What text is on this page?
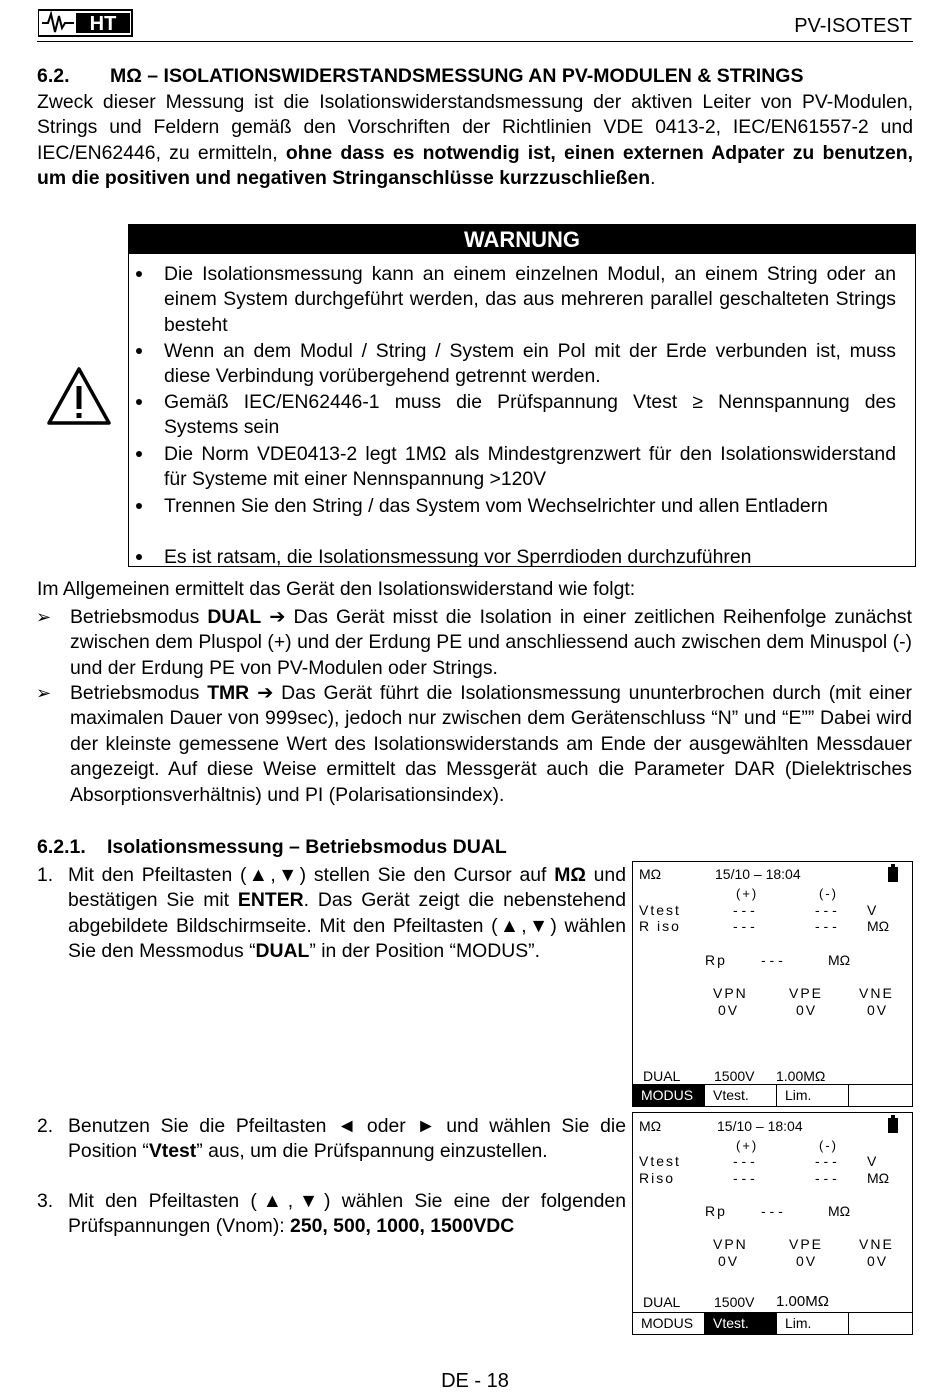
HT	PV-ISOTEST
6.2. MΩ – ISOLATIONSWIDERSTANDSMESSUNG AN PV-MODULEN & STRINGS
Zweck dieser Messung ist die Isolationswiderstandsmessung der aktiven Leiter von PV-Modulen, Strings und Feldern gemäß den Vorschriften der Richtlinien VDE 0413-2, IEC/EN61557-2 und IEC/EN62446, zu ermitteln, ohne dass es notwendig ist, einen externen Adpater zu benutzen, um die positiven und negativen Stringanschlüsse kurzzuschließen.
WARNUNG
Die Isolationsmessung kann an einem einzelnen Modul, an einem String oder an einem System durchgeführt werden, das aus mehreren parallel geschalteten Strings besteht
Wenn an dem Modul / String / System ein Pol mit der Erde verbunden ist, muss diese Verbindung vorübergehend getrennt werden.
Gemäß IEC/EN62446-1 muss die Prüfspannung Vtest ≥ Nennspannung des Systems sein
Die Norm VDE0413-2 legt 1MΩ als Mindestgrenzwert für den Isolationswiderstand für Systeme mit einer Nennspannung >120V
Trennen Sie den String / das System vom Wechselrichter und allen Entladern
Es ist ratsam, die Isolationsmessung vor Sperrdioden durchzuführen
Im Allgemeinen ermittelt das Gerät den Isolationswiderstand wie folgt:
➢ Betriebsmodus DUAL ➔ Das Gerät misst die Isolation in einer zeitlichen Reihenfolge zunächst zwischen dem Pluspol (+) und der Erdung PE und anschliessend auch zwischen dem Minuspol (-) und der Erdung PE von PV-Modulen oder Strings.
➢ Betriebsmodus TMR ➔ Das Gerät führt die Isolationsmessung ununterbrochen durch (mit einer maximalen Dauer von 999sec), jedoch nur zwischen dem Gerätenschluss “N” und “E”” Dabei wird der kleinste gemessene Wert des Isolationswiderstands am Ende der ausgewählten Messdauer angezeigt. Auf diese Weise ermittelt das Messgerät auch die Parameter DAR (Dielektrisches Absorptionsverhältnis) und PI (Polarisationsindex).
6.2.1. Isolationsmessung – Betriebsmodus DUAL
1. Mit den Pfeiltasten (▲,▼) stellen Sie den Cursor auf MΩ und bestätigen Sie mit ENTER. Das Gerät zeigt die nebenstehend abgebildete Bildschirmseite. Mit den Pfeiltasten (▲,▼) wählen Sie den Messmodus “DUAL” in der Position “MODUS”.
2. Benutzen Sie die Pfeiltasten ◄ oder ► und wählen Sie die Position “Vtest” aus, um die Prüfspannung einzustellen.
3. Mit den Pfeiltasten (▲,▼) wählen Sie eine der folgenden Prüfspannungen (Vnom): 250, 500, 1000, 1500VDC
MΩ	15/10 – 18:04
(+)	(-)
Vtest	- - -	- - - V
R iso	- - -	- - - MΩ
Rp - - -	MΩ
VPN	VPE	VNE
0V	0V	0V
DUAL 1500V 1.00MΩ
MODUS	Vtest.	Lim.
MΩ	15/10 – 18:04
(+)	(-)
Vtest	- - -	- - - V
Riso	- - -	- - - MΩ
Rp - - -	MΩ
VPN	VPE	VNE
0V	0V	0V
DUAL 1500V 1.00MΩ
MODUS	Vtest.	Lim.
DE - 18
